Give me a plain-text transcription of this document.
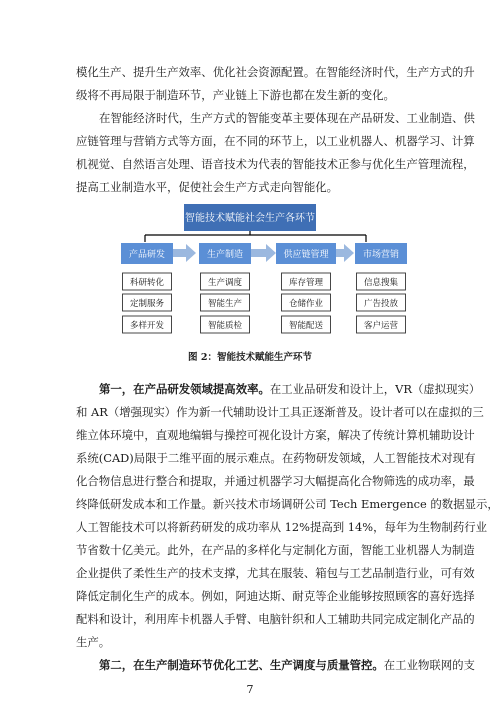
模化生产、提升生产效率、优化社会资源配置。在智能经济时代，生产方式的升
级将不再局限于制造环节，产业链上下游也都在发生新的变化。
在智能经济时代，生产方式的智能变革主要体现在产品研发、工业制造、供
应链管理与营销方式等方面，在不同的环节上，以工业机器人、机器学习、计算
机视觉、自然语言处理、语音技术为代表的智能技术正参与优化生产管理流程，
提高工业制造水平，促使社会生产方式走向智能化。
智能技术赋能社会生产各环节
产品研发
科研转化
定制服务
多样开发
生产制造
生产调度
智能生产
智能质检
供应链管理
库存管理
仓储作业
智能配送
市场营销
信息搜集
广告投放
客户运营
图 2：智能技术赋能生产环节
第一，在产品研发领域提高效率。在工业品研发和设计上，VR（虚拟现实）
和 AR（增强现实）作为新一代辅助设计工具正逐渐普及。设计者可以在虚拟的三
维立体环境中，直观地编辑与操控可视化设计方案，解决了传统计算机辅助设计
系统(CAD)局限于二维平面的展示难点。在药物研发领域，人工智能技术对现有
化合物信息进行整合和提取，并通过机器学习大幅提高化合物筛选的成功率，最
终降低研发成本和工作量。新兴技术市场调研公司 Tech Emergence 的数据显示，
人工智能技术可以将新药研发的成功率从 12%提高到 14%，每年为生物制药行业
节省数十亿美元。此外，在产品的多样化与定制化方面，智能工业机器人为制造
企业提供了柔性生产的技术支撑，尤其在服装、箱包与工艺品制造行业，可有效
降低定制化生产的成本。例如，阿迪达斯、耐克等企业能够按照顾客的喜好选择
配料和设计，利用库卡机器人手臂、电脑针织和人工辅助共同完成定制化产品的
生产。
第二，在生产制造环节优化工艺、生产调度与质量管控。在工业物联网的支
7
